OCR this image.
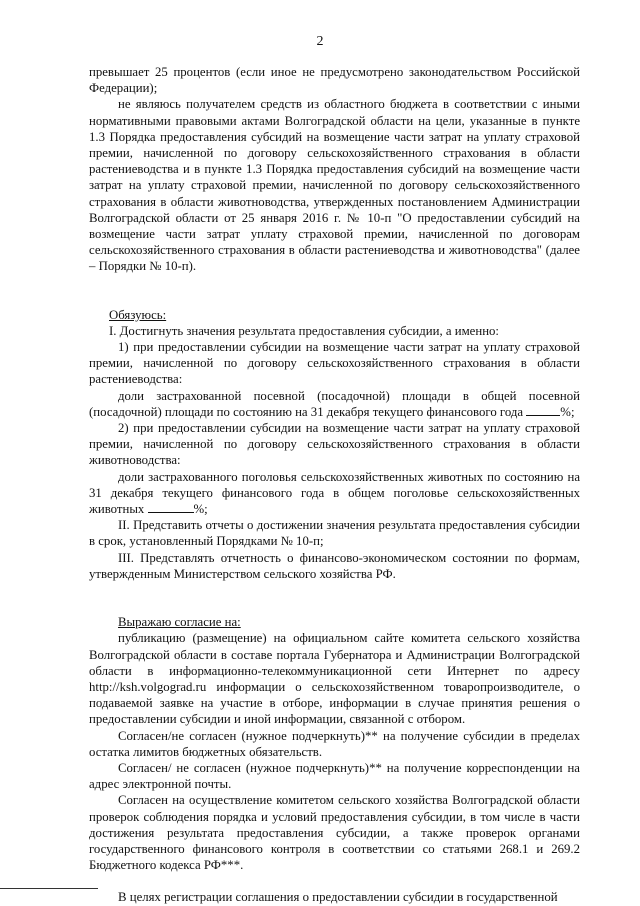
2

превышает 25 процентов (если иное не предусмотрено законодательством Российской Федерации);

не являюсь получателем средств из областного бюджета в соответствии с иными нормативными правовыми актами Волгоградской области на цели, указанные в пункте 1.3 Порядка предоставления субсидий на возмещение части затрат на уплату страховой премии, начисленной по договору сельскохозяйственного страхования в области растениеводства и в пункте 1.3 Порядка предоставления субсидий на возмещение части затрат на уплату страховой премии, начисленной по договору сельскохозяйственного страхования в области животноводства, утвержденных постановлением Администрации Волгоградской области от 25 января 2016 г. № 10-п "О предоставлении субсидий на возмещение части затрат уплату страховой премии, начисленной по договорам сельскохозяйственного страхования в области растениеводства и животноводства" (далее – Порядки № 10-п).

Обязуюсь:

I. Достигнуть значения результата предоставления субсидии, а именно:

1) при предоставлении субсидии на возмещение части затрат на уплату страховой премии, начисленной по договору сельскохозяйственного страхования в области растениеводства:

доли застрахованной посевной (посадочной) площади в общей посевной (посадочной) площади по состоянию на 31 декабря текущего финансового года	%;

2) при предоставлении субсидии на возмещение части затрат на уплату страховой премии, начисленной по договору сельскохозяйственного страхования в области животноводства:

доли застрахованного поголовья сельскохозяйственных животных по состоянию на 31 декабря текущего финансового года в общем поголовье сельскохозяйственных животных	%;

II. Представить отчеты о достижении значения результата предоставления субсидии в срок, установленный Порядками № 10-п;

III. Представлять отчетность о финансово-экономическом состоянии по формам, утвержденным Министерством сельского хозяйства РФ.

Выражаю согласие на:

публикацию (размещение) на официальном сайте комитета сельского хозяйства Волгоградской области в составе портала Губернатора и Администрации Волгоградской области в информационно-телекоммуникационной сети Интернет по адресу http://ksh.volgograd.ru информации о сельскохозяйственном товаропроизводителе, о подаваемой заявке на участие в отборе, информации в случае принятия решения о предоставлении субсидии и иной информации, связанной с отбором.

Согласен/не согласен (нужное подчеркнуть)** на получение субсидии в пределах остатка лимитов бюджетных обязательств.

Согласен/ не согласен (нужное подчеркнуть)** на получение корреспонденции на адрес электронной почты.

Согласен на осуществление комитетом сельского хозяйства Волгоградской области проверок соблюдения порядка и условий предоставления субсидии, в том числе в части достижения результата предоставления субсидии, а также проверок органами государственного финансового контроля в соответствии со статьями 268.1 и 269.2 Бюджетного кодекса РФ***.

В целях регистрации соглашения о предоставлении субсидии в государственной
